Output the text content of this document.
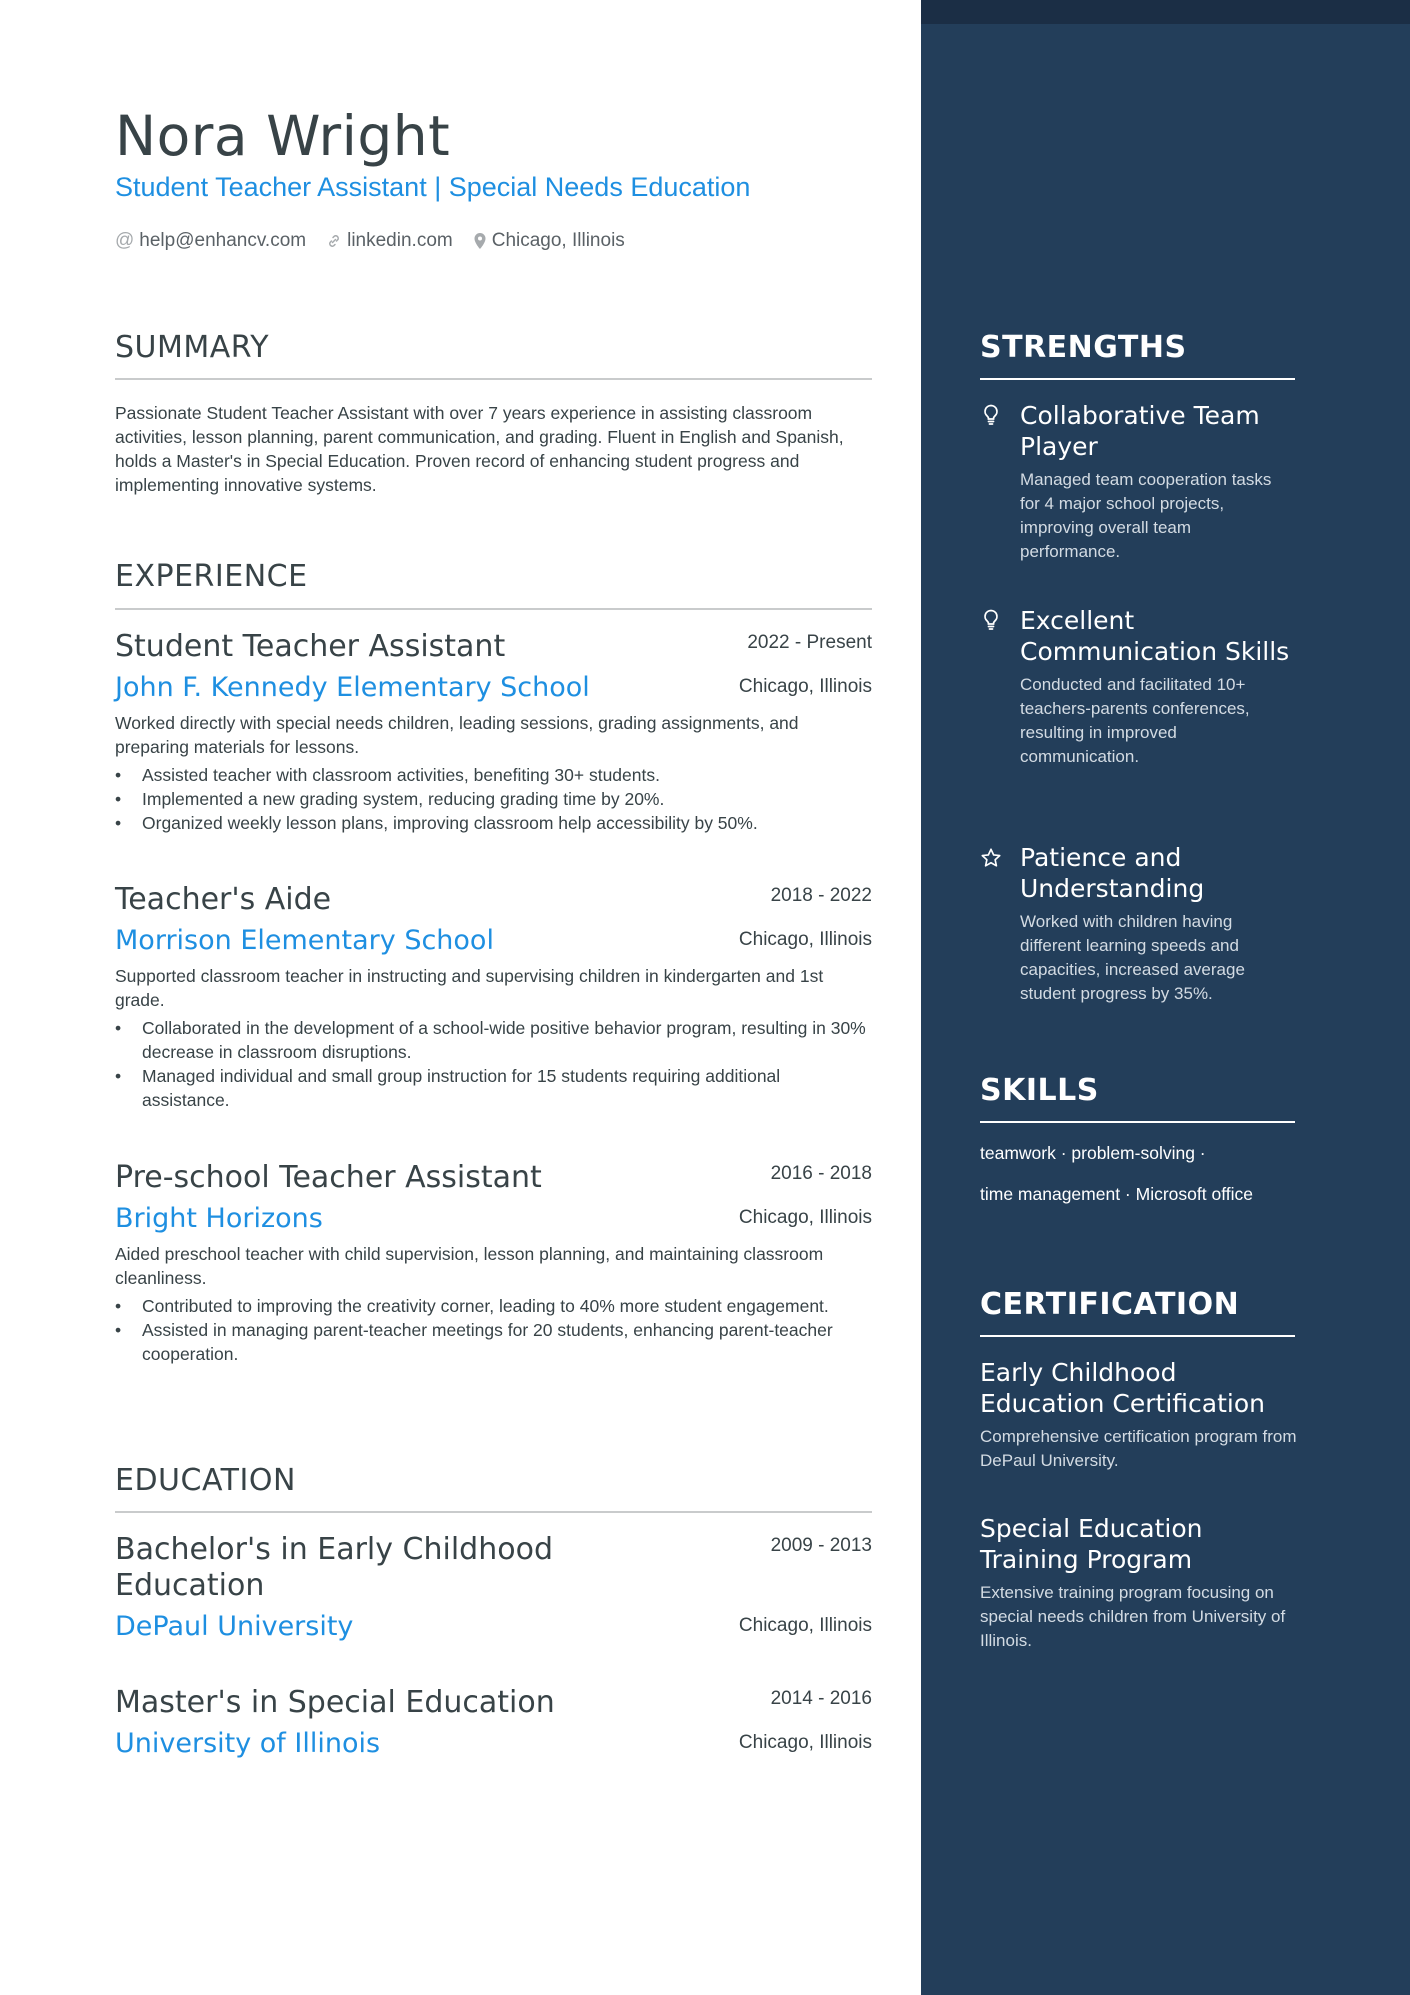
Nora Wright
Student Teacher Assistant | Special Needs Education
@ help@enhancv.com linkedin.com Chicago, Illinois
SUMMARY

Passionate Student Teacher Assistant with over 7 years experience in assisting classroom activities, lesson planning, parent communication, and grading. Fluent in English and Spanish, holds a Master's in Special Education. Proven record of enhancing student progress and implementing innovative systems.

EXPERIENCE
Student Teacher Assistant	2022 - Present
John F. Kennedy Elementary School	Chicago, Illinois

Worked directly with special needs children, leading sessions, grading assignments, and preparing materials for lessons.

• Assisted teacher with classroom activities, benefiting 30+ students.
• Implemented a new grading system, reducing grading time by 20%.
• Organized weekly lesson plans, improving classroom help accessibility by 50%.
Teacher's Aide	2018 - 2022
Morrison Elementary School	Chicago, Illinois

Supported classroom teacher in instructing and supervising children in kindergarten and 1st grade.

• Collaborated in the development of a school-wide positive behavior program, resulting in 30% decrease in classroom disruptions.
• Managed individual and small group instruction for 15 students requiring additional assistance.
Pre-school Teacher Assistant	2016 - 2018
Bright Horizons	Chicago, Illinois

Aided preschool teacher with child supervision, lesson planning, and maintaining classroom cleanliness.

• Contributed to improving the creativity corner, leading to 40% more student engagement.
• Assisted in managing parent-teacher meetings for 20 students, enhancing parent-teacher cooperation.
EDUCATION
Bachelor's in Early Childhood Education
2009 - 2013
DePaul University	Chicago, Illinois
Master's in Special Education	2014 - 2016
University of Illinois	Chicago, Illinois
STRENGTHS
Collaborative Team Player
Managed team cooperation tasks for 4 major school projects, improving overall team performance.
Excellent Communication Skills
Conducted and facilitated 10+ teachers-parents conferences, resulting in improved communication.
Patience and Understanding
Worked with children having different learning speeds and capacities, increased average student progress by 35%.
SKILLS
teamwork · problem-solving ·
time management · Microsoft office
CERTIFICATION
Early Childhood Education Certification
Comprehensive certification program from DePaul University.
Special Education Training Program
Extensive training program focusing on special needs children from University of Illinois.
